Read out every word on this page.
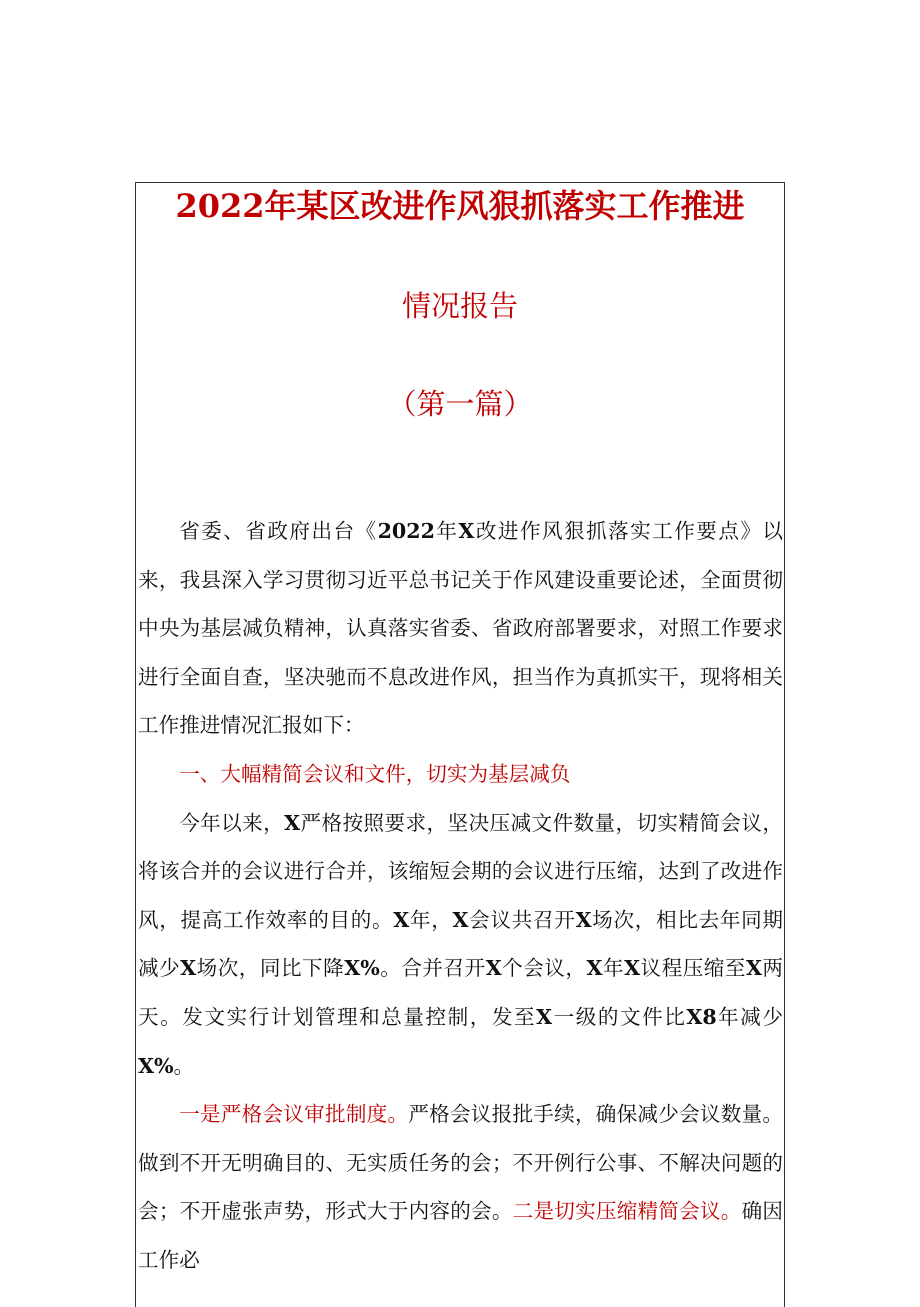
2022年某区改进作风狠抓落实工作推进
情况报告
（第一篇）

省委、省政府出台《2022年X改进作风狠抓落实工作要点》以来，我县深入学习贯彻习近平总书记关于作风建设重要论述，全面贯彻中央为基层减负精神，认真落实省委、省政府部署要求，对照工作要求进行全面自查，坚决驰而不息改进作风，担当作为真抓实干，现将相关工作推进情况汇报如下：

一、大幅精简会议和文件，切实为基层减负

今年以来，X严格按照要求，坚决压减文件数量，切实精简会议，将该合并的会议进行合并，该缩短会期的会议进行压缩，达到了改进作风，提高工作效率的目的。X年，X会议共召开X场次，相比去年同期减少X场次，同比下降X%。合并召开X个会议，X年X议程压缩至X两天。发文实行计划管理和总量控制，发至X一级的文件比X8年减少X%。

一是严格会议审批制度。严格会议报批手续，确保减少会议数量。做到不开无明确目的、无实质任务的会；不开例行公事、不解决问题的会；不开虚张声势，形式大于内容的会。二是切实压缩精简会议。确因工作必
